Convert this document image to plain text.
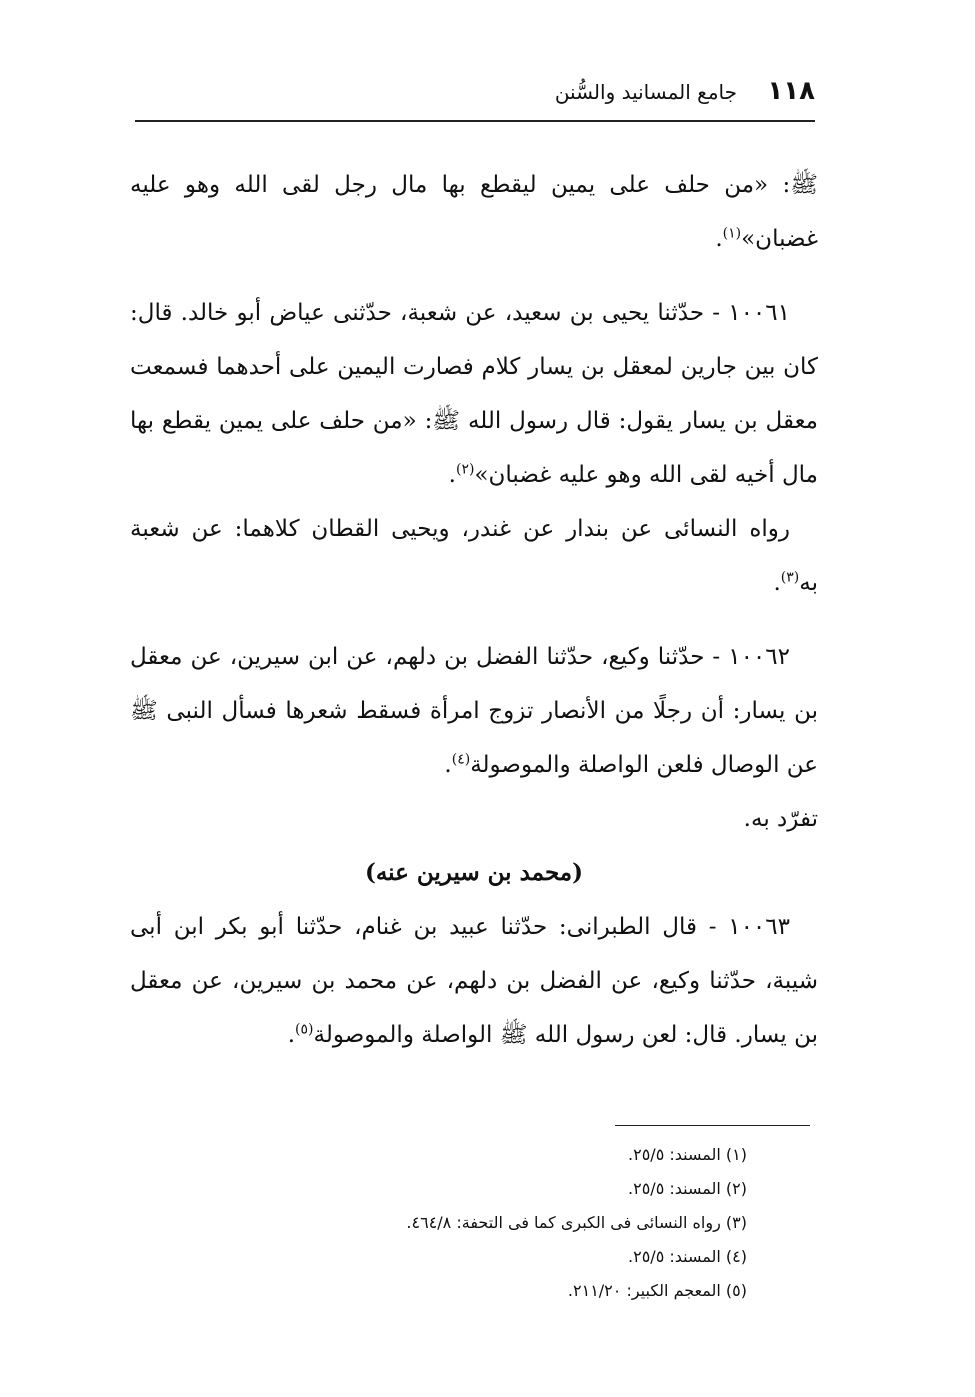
١١٨
جامع المسانيد والسُّنن

ﷺ: «من حلف على يمين ليقطع بها مال رجل لقى الله وهو عليه غضبان»$^{(١)}$.

١٠٠٦١ - حدّثنا يحيى بن سعيد، عن شعبة، حدّثنى عياض أبو خالد. قال: كان بين جارين لمعقل بن يسار كلام فصارت اليمين على أحدهما فسمعت معقل بن يسار يقول: قال رسول الله ﷺ: «من حلف على يمين يقطع بها مال أخيه لقى الله وهو عليه غضبان»$^{(٢)}$.

رواه النسائى عن بندار عن غندر، ويحيى القطان كلاهما: عن شعبة به$^{(٣)}$.

١٠٠٦٢ - حدّثنا وكيع، حدّثنا الفضل بن دلهم، عن ابن سيرين، عن معقل بن يسار: أن رجلًا من الأنصار تزوج امرأة فسقط شعرها فسأل النبى ﷺ عن الوصال فلعن الواصلة والموصولة$^{(٤)}$.

تفرّد به.

(محمد بن سيرين عنه)

١٠٠٦٣ - قال الطبرانى: حدّثنا عبيد بن غنام، حدّثنا أبو بكر ابن أبى شيبة، حدّثنا وكيع، عن الفضل بن دلهم، عن محمد بن سيرين، عن معقل بن يسار. قال: لعن رسول الله ﷺ الواصلة والموصولة$^{(٥)}$.

(١) المسند: ٢٥/٥.
(٢) المسند: ٢٥/٥.
(٣) رواه النسائى فى الكبرى كما فى التحفة: ٤٦٤/٨.
(٤) المسند: ٢٥/٥.
(٥) المعجم الكبير: ٢١١/٢٠.
